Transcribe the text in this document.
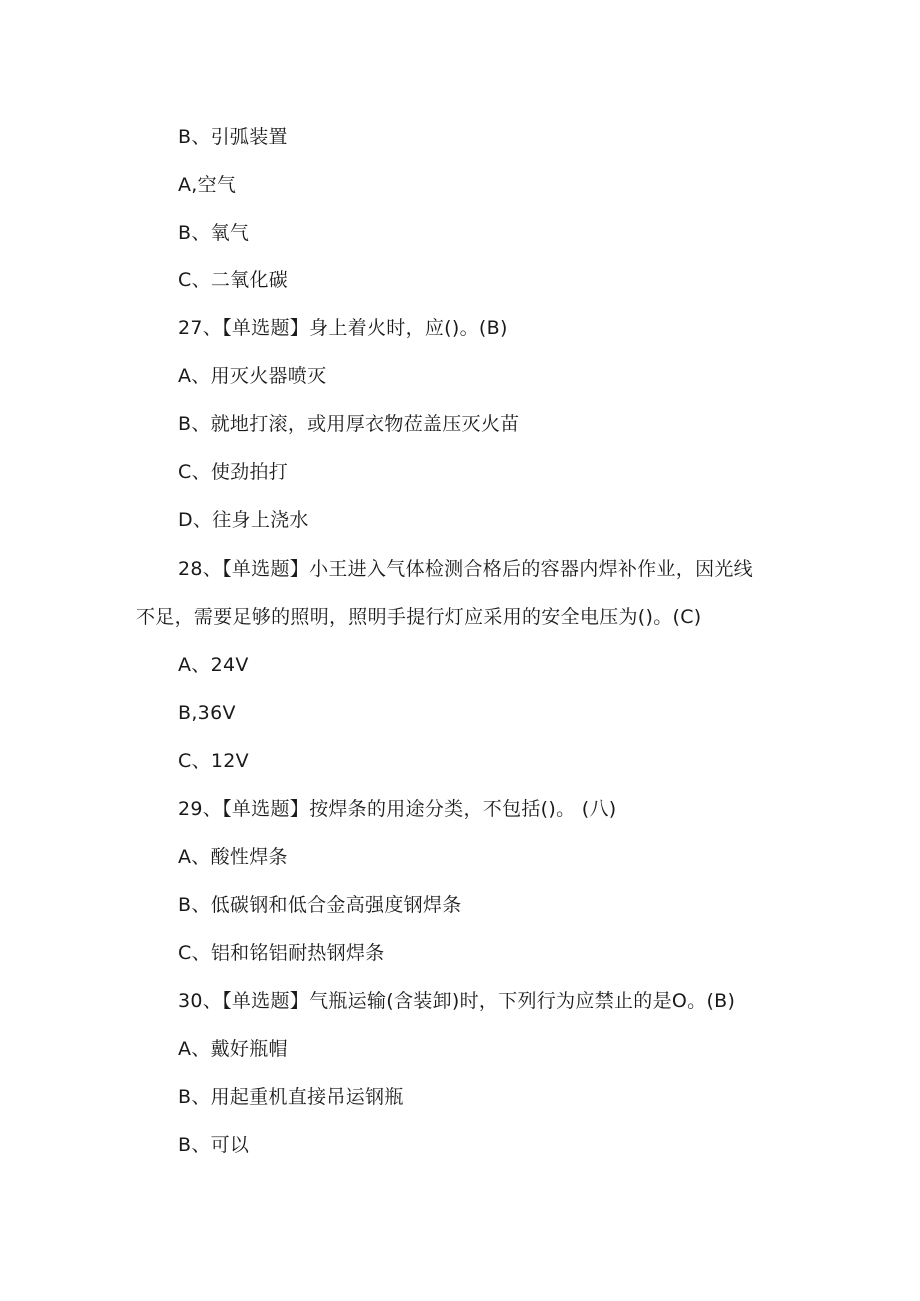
B、引弧装置
A,空气
B、氧气
C、二氧化碳
27、【单选题】身上着火时，应()。(B)
A、用灭火器喷灭
B、就地打滚，或用厚衣物莅盖压灭火苗
C、使劲拍打
D、往身上浇水
28、【单选题】小王进入气体检测合格后的容器内焊补作业，因光线
不足，需要足够的照明，照明手提行灯应采用的安全电压为()。(C)
A、24V
B,36V
C、12V
29、【单选题】按焊条的用途分类，不包括()。 (八)
A、酸性焊条
B、低碳钢和低合金高强度钢焊条
C、铝和铭铝耐热钢焊条
30、【单选题】气瓶运输(含装卸)时，下列行为应禁止的是O。(B)
A、戴好瓶帽
B、用起重机直接吊运钢瓶
B、可以
